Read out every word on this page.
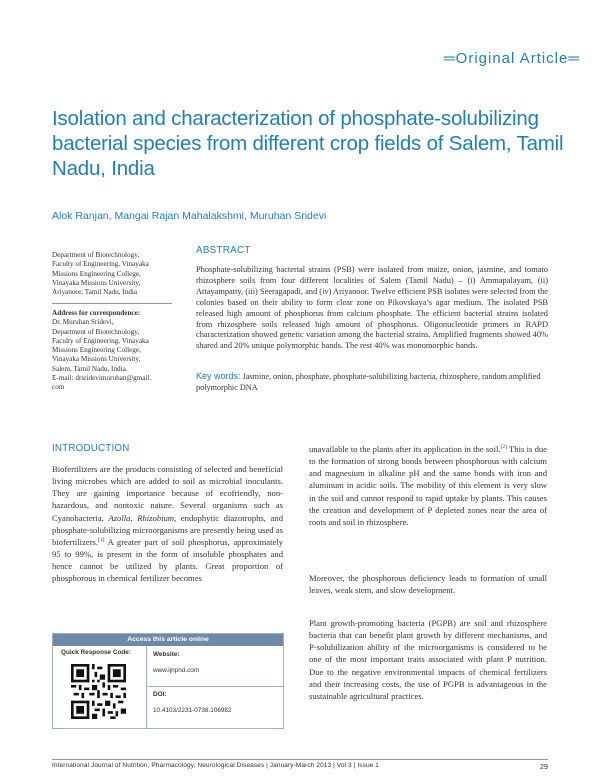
═Original Article═
Isolation and characterization of phosphate-solubilizing bacterial species from different crop fields of Salem, Tamil Nadu, India
Alok Ranjan, Mangai Rajan Mahalakshmi, Muruhan Sridevi
Department of Biotechnology,
Faculty of Engineering, Vinayaka
Missions Engineering College,
Vinayaka Missions University,
Ariyanoor, Tamil Nadu, India
Address for correspondence:
Dr. Muruhan Sridevi,
Department of Biotechnology,
Faculty of Engineering, Vinayaka
Missions Engineering College,
Vinayaka Missions University,
Salem, Tamil Nadu, India.
E-mail: drsridevimuruhan@gmail.
com
ABSTRACT
Phosphate-solubilizing bacterial strains (PSB) were isolated from maize, onion, jasmine, and tomato rhizosphere soils from four different localities of Salem (Tamil Nadu) – (i) Ammapalayam, (ii) Attayampatty, (iii) Seeragapadi, and (iv) Ariyanoor. Twelve efficient PSB isolates were selected from the colonies based on their ability to form clear zone on Pikovskaya’s agar medium. The isolated PSB released high amount of phosphorus from calcium phosphate. The efficient bacterial strains isolated from rhizosphere soils released high amount of phosphorus. Oligonucleotide primers in RAPD characterization showed genetic variation among the bacterial strains. Amplified fragments showed 40% shared and 20% unique polymorphic bands. The rest 40% was monomorphic bands.
Key words: Jasmine, onion, phosphate, phosphate-solubilizing bacteria, rhizosphere, random amplified polymorphic DNA
INTRODUCTION
Biofertilizers are the products consisting of selected and beneficial living microbes which are added to soil as microbial inoculants. They are gaining importance because of ecofriendly, non-hazardous, and nontoxic nature. Several organisms such as Cyanobacteria, Azolla, Rhizobium, endophytic diazotrophs, and phosphate-solubilizing microorganisms are presently being used as biofertilizers.[1] A greater part of soil phosphorus, approximately 95 to 99%, is present in the form of insoluble phosphates and hence cannot be utilized by plants. Great proportion of phosphorous in chemical fertilizer becomes
unavailable to the plants after its application in the soil.[2] This is due to the formation of strong bonds between phosphorous with calcium and magnesium in alkaline pH and the same bonds with iron and aluminum in acidic soils. The mobility of this element is very slow in the soil and cannot respond to rapid uptake by plants. This causes the creation and development of P depleted zones near the area of roots and soil in rhizosphere.
Moreover, the phosphorous deficiency leads to formation of small leaves, weak stem, and slow development.
Plant growth-promoting bacteria (PGPB) are soil and rhizosphere bacteria that can benefit plant growth by different mechanisms, and P-solubilization ability of the microorganisms is considered to be one of the most important traits associated with plant P nutrition. Due to the negative environmental impacts of chemical fertilizers and their increasing costs, the use of PGPB is advantageous in the sustainable agricultural practices.
Access this article online
Quick Response Code:	Website:
www.ijnpnd.com
DOI:
10.4103/2231-0738.106982
International Journal of Nutrition, Pharmacology, Neurological Diseases | January-March 2013 | Vol 3 | Issue 1	29
